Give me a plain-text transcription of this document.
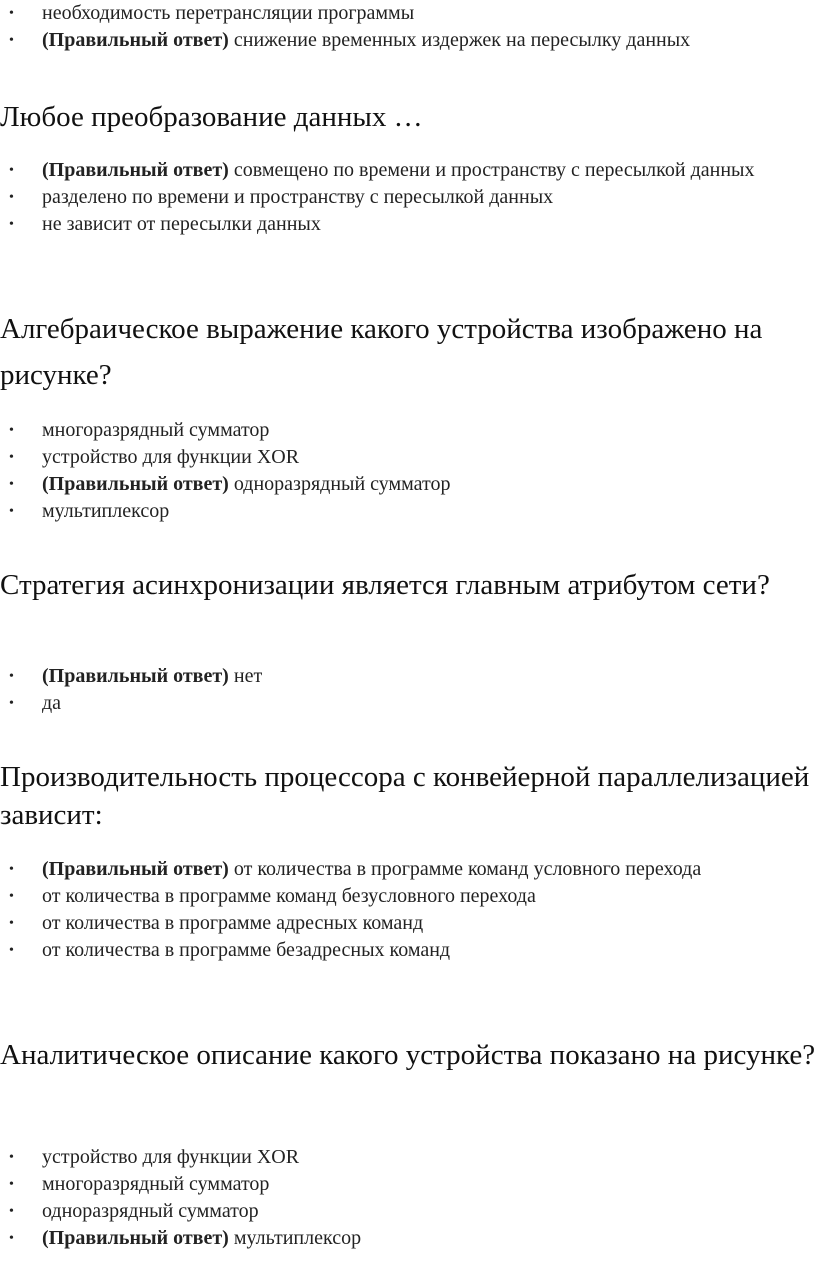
• необходимость перетрансляции программы
• (Правильный ответ) снижение временных издержек на пересылку данных
Любое преобразование данных …
• (Правильный ответ) совмещено по времени и пространству с пересылкой данных
• разделено по времени и пространству с пересылкой данных
• не зависит от пересылки данных
Алгебраическое выражение какого устройства изображено на рисунке?
• многоразрядный сумматор
• устройство для функции XOR
• (Правильный ответ) одноразрядный сумматор
• мультиплексор
Стратегия асинхронизации является главным атрибутом сети?
• (Правильный ответ) нет
• да
Производительность процессора с конвейерной параллелизацией зависит:
• (Правильный ответ) от количества в программе команд условного перехода
• от количества в программе команд безусловного перехода
• от количества в программе адресных команд
• от количества в программе безадресных команд
Аналитическое описание какого устройства показано на рисунке?
• устройство для функции XOR
• многоразрядный сумматор
• одноразрядный сумматор
• (Правильный ответ) мультиплексор
